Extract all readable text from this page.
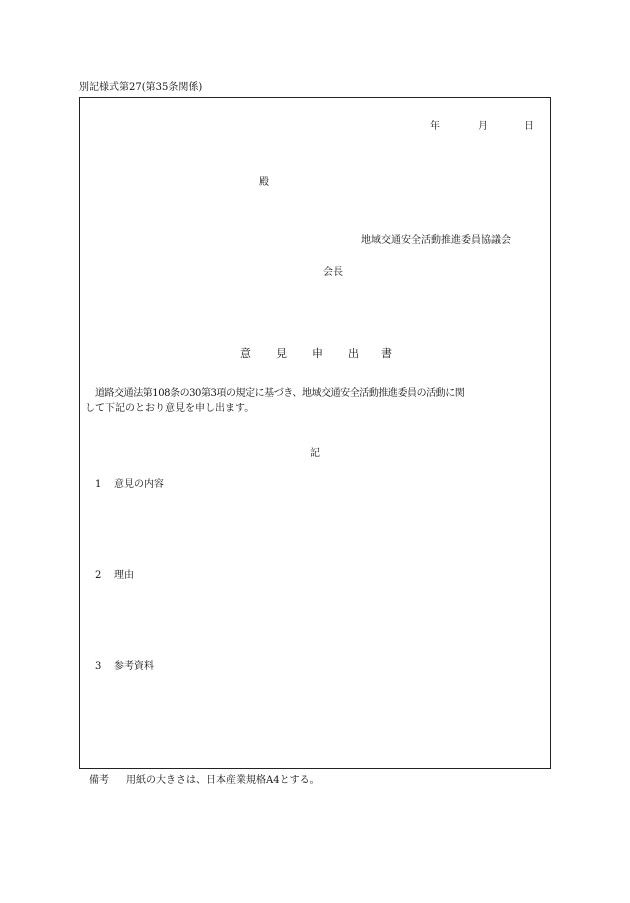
別記様式第27(第35条関係)
年	月	日
殿
地域交通安全活動推進委員協議会
会長
意 見 申 出 書
道路交通法第108条の30第3項の規定に基づき、地域交通安全活動推進委員の活動に関
して下記のとおり意見を申し出ます。
記
1 意見の内容
2 理由
3 参考資料
備考 用紙の大きさは、日本産業規格A4とする。
